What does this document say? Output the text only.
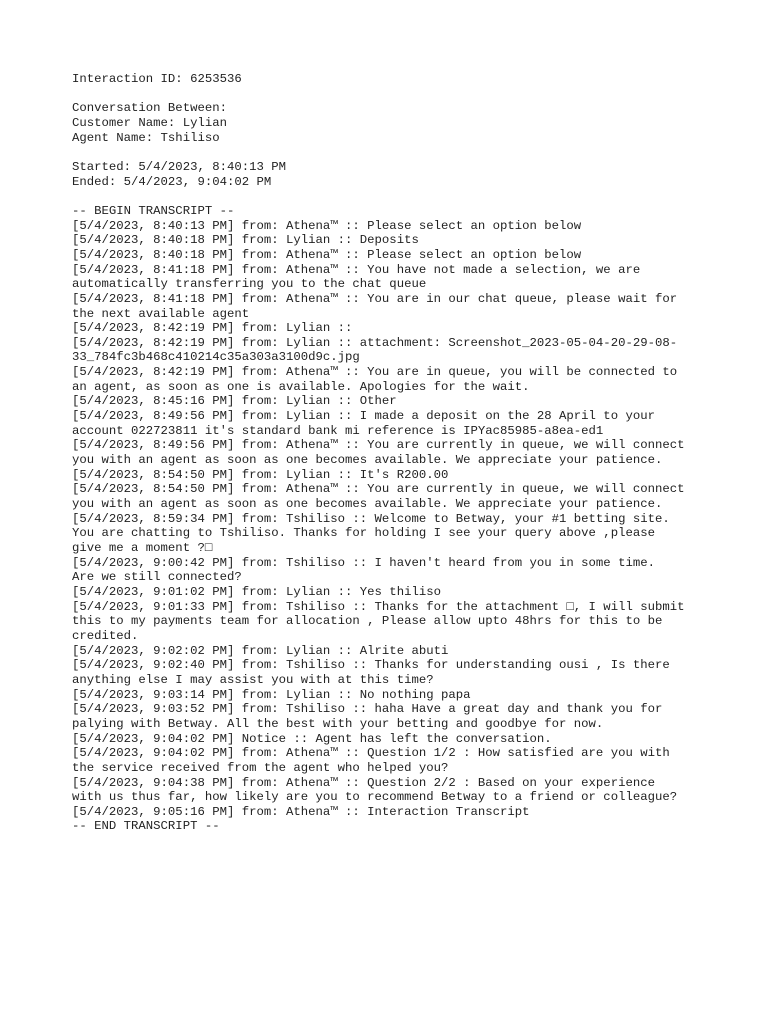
Interaction ID: 6253536
Conversation Between:
Customer Name: Lylian
Agent Name: Tshiliso
Started: 5/4/2023, 8:40:13 PM
Ended: 5/4/2023, 9:04:02 PM
-- BEGIN TRANSCRIPT --
[5/4/2023, 8:40:13 PM] from: Athena™ :: Please select an option below
[5/4/2023, 8:40:18 PM] from: Lylian :: Deposits
[5/4/2023, 8:40:18 PM] from: Athena™ :: Please select an option below
[5/4/2023, 8:41:18 PM] from: Athena™ :: You have not made a selection, we are
automatically transferring you to the chat queue
[5/4/2023, 8:41:18 PM] from: Athena™ :: You are in our chat queue, please wait for
the next available agent
[5/4/2023, 8:42:19 PM] from: Lylian ::
[5/4/2023, 8:42:19 PM] from: Lylian :: attachment: Screenshot_2023-05-04-20-29-08-
33_784fc3b468c410214c35a303a3100d9c.jpg
[5/4/2023, 8:42:19 PM] from: Athena™ :: You are in queue, you will be connected to
an agent, as soon as one is available. Apologies for the wait.
[5/4/2023, 8:45:16 PM] from: Lylian :: Other
[5/4/2023, 8:49:56 PM] from: Lylian :: I made a deposit on the 28 April to your
account 022723811 it's standard bank mi reference is IPYac85985-a8ea-ed1
[5/4/2023, 8:49:56 PM] from: Athena™ :: You are currently in queue, we will connect
you with an agent as soon as one becomes available. We appreciate your patience.
[5/4/2023, 8:54:50 PM] from: Lylian :: It's R200.00
[5/4/2023, 8:54:50 PM] from: Athena™ :: You are currently in queue, we will connect
you with an agent as soon as one becomes available. We appreciate your patience.
[5/4/2023, 8:59:34 PM] from: Tshiliso :: Welcome to Betway, your #1 betting site.
You are chatting to Tshiliso. Thanks for holding I see your query above ,please
give me a moment ?□
[5/4/2023, 9:00:42 PM] from: Tshiliso :: I haven't heard from you in some time.
Are we still connected?
[5/4/2023, 9:01:02 PM] from: Lylian :: Yes thiliso
[5/4/2023, 9:01:33 PM] from: Tshiliso :: Thanks for the attachment □, I will submit
this to my payments team for allocation , Please allow upto 48hrs for this to be
credited.
[5/4/2023, 9:02:02 PM] from: Lylian :: Alrite abuti
[5/4/2023, 9:02:40 PM] from: Tshiliso :: Thanks for understanding ousi , Is there
anything else I may assist you with at this time?
[5/4/2023, 9:03:14 PM] from: Lylian :: No nothing papa
[5/4/2023, 9:03:52 PM] from: Tshiliso :: haha Have a great day and thank you for
palying with Betway. All the best with your betting and goodbye for now.
[5/4/2023, 9:04:02 PM] Notice :: Agent has left the conversation.
[5/4/2023, 9:04:02 PM] from: Athena™ :: Question 1/2 : How satisfied are you with
the service received from the agent who helped you?
[5/4/2023, 9:04:38 PM] from: Athena™ :: Question 2/2 : Based on your experience
with us thus far, how likely are you to recommend Betway to a friend or colleague?
[5/4/2023, 9:05:16 PM] from: Athena™ :: Interaction Transcript
-- END TRANSCRIPT --
